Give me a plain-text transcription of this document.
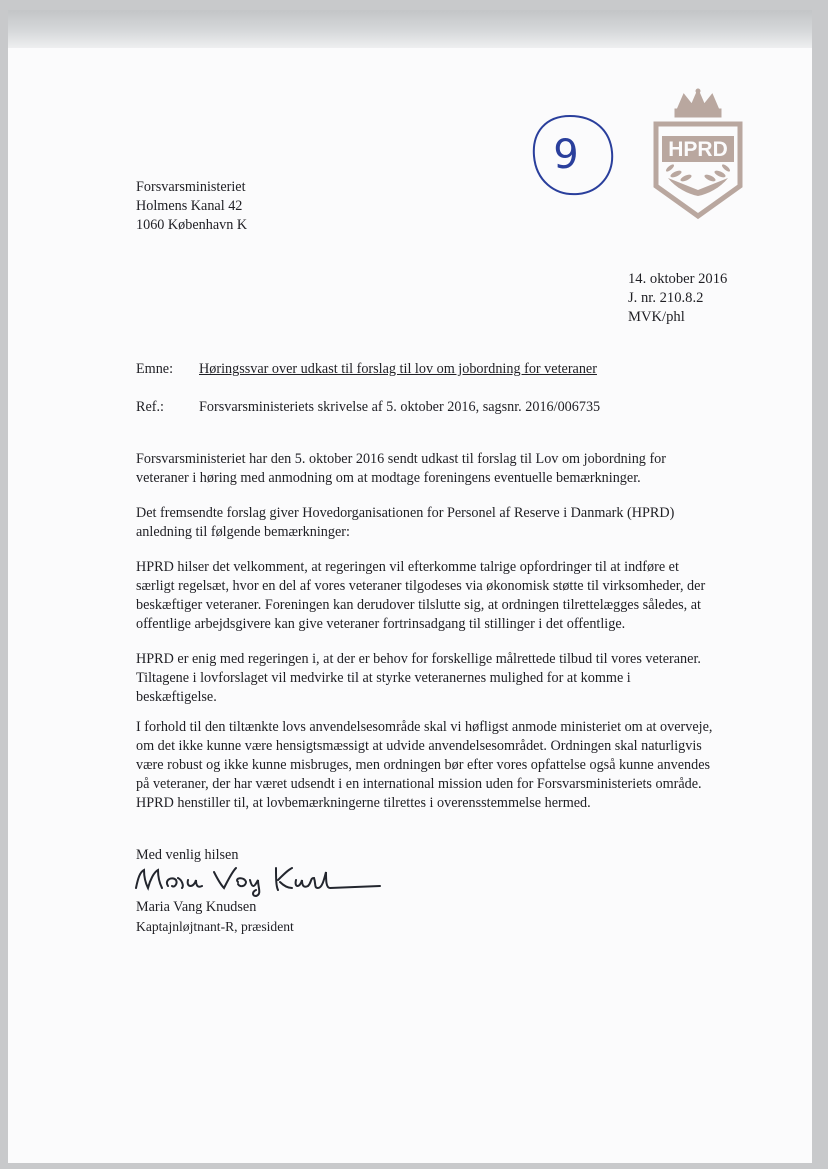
9	HPRD
Forsvarsministeriet
Holmens Kanal 42
1060 København K
14. oktober 2016
J. nr. 210.8.2
MVK/phl
Emne: Høringssvar over udkast til forslag til lov om jobordning for veteraner
Ref.: Forsvarsministeriets skrivelse af 5. oktober 2016, sagsnr. 2016/006735
Forsvarsministeriet har den 5. oktober 2016 sendt udkast til forslag til Lov om jobordning for
veteraner i høring med anmodning om at modtage foreningens eventuelle bemærkninger.
Det fremsendte forslag giver Hovedorganisationen for Personel af Reserve i Danmark (HPRD)
anledning til følgende bemærkninger:
HPRD hilser det velkomment, at regeringen vil efterkomme talrige opfordringer til at indføre et
særligt regelsæt, hvor en del af vores veteraner tilgodeses via økonomisk støtte til virksomheder, der
beskæftiger veteraner. Foreningen kan derudover tilslutte sig, at ordningen tilrettelægges således, at
offentlige arbejdsgivere kan give veteraner fortrinsadgang til stillinger i det offentlige.
HPRD er enig med regeringen i, at der er behov for forskellige målrettede tilbud til vores veteraner.
Tiltagene i lovforslaget vil medvirke til at styrke veteranernes mulighed for at komme i
beskæftigelse.
I forhold til den tiltænkte lovs anvendelsesområde skal vi høfligst anmode ministeriet om at overveje,
om det ikke kunne være hensigtsmæssigt at udvide anvendelsesområdet. Ordningen skal naturligvis
være robust og ikke kunne misbruges, men ordningen bør efter vores opfattelse også kunne anvendes
på veteraner, der har været udsendt i en international mission uden for Forsvarsministeriets område.
HPRD henstiller til, at lovbemærkningerne tilrettes i overensstemmelse hermed.
Med venlig hilsen
Maria Vang Knudsen
Maria Vang Knudsen
Kaptajnløjtnant-R, præsident
